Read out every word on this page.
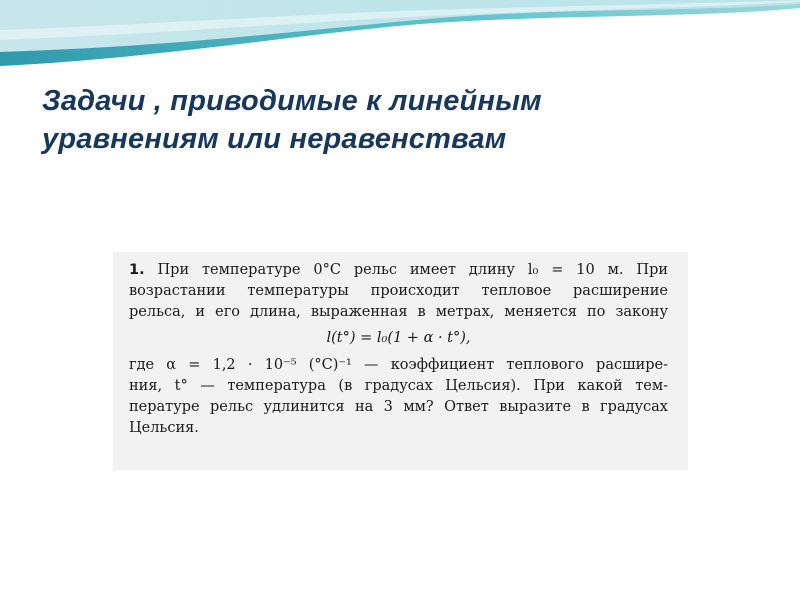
Задачи , приводимые к линейным
уравнениям или неравенствам
1. При температуре 0°C рельс имеет длину l₀ = 10 м. При
возрастании температуры происходит тепловое расширение
рельса, и его длина, выраженная в метрах, меняется по закону
l(t°) = l₀(1 + α · t°),
где α = 1,2 · 10⁻⁵ (°C)⁻¹ — коэффициент теплового расшире-
ния, t° — температура (в градусах Цельсия). При какой тем-
пературе рельс удлинится на 3 мм? Ответ выразите в градусах
Цельсия.
